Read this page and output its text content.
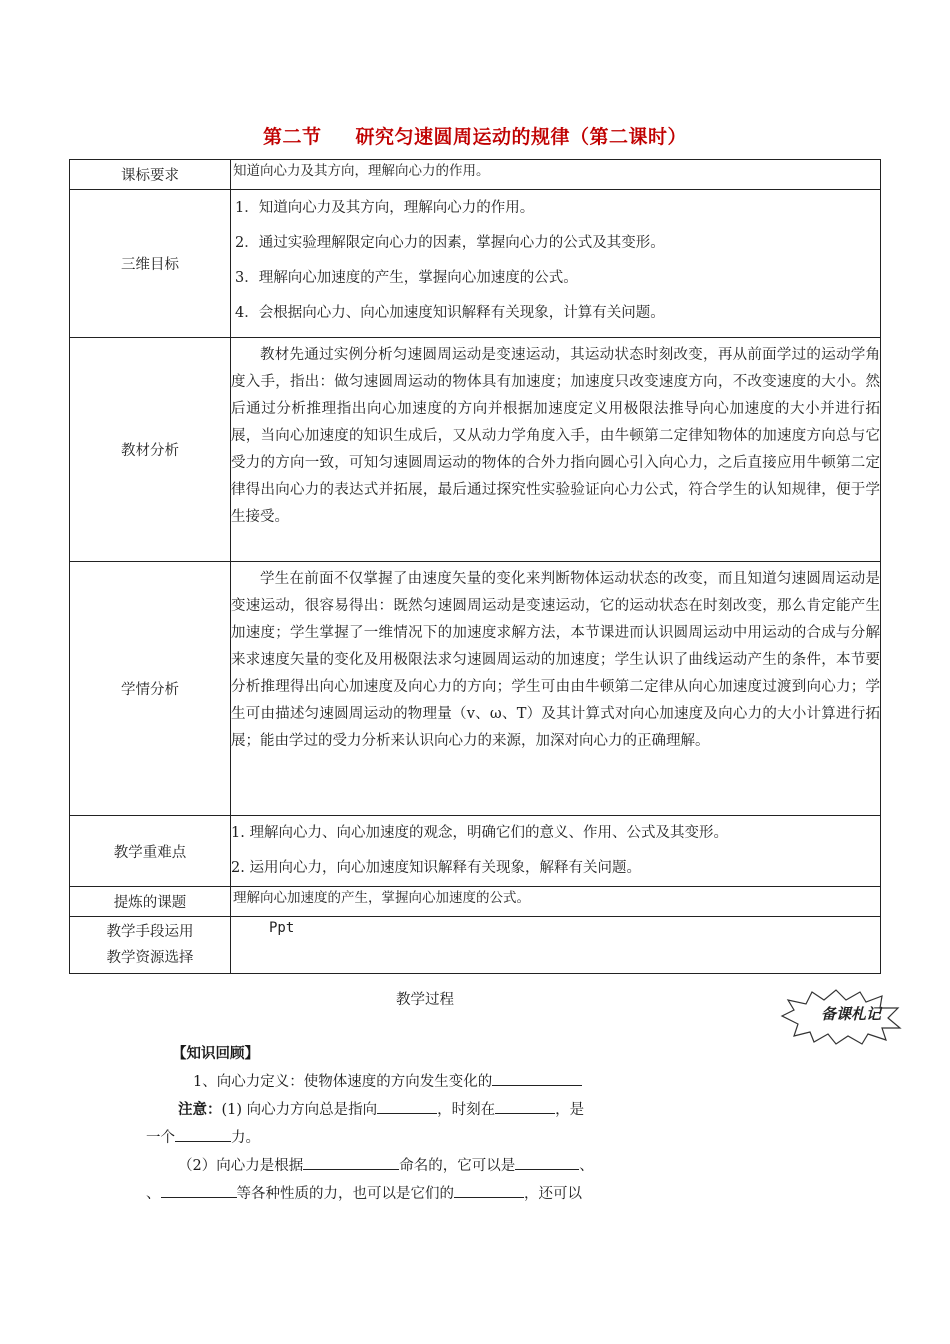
第二节 研究匀速圆周运动的规律（第二课时）
课标要求	知道向心力及其方向，理解向心力的作用。

三维目标	1．知道向心力及其方向，理解向心力的作用。
2．通过实验理解限定向心力的因素，掌握向心力的公式及其变形。
3．理解向心加速度的产生，掌握向心加速度的公式。
4．会根据向心力、向心加速度知识解释有关现象，计算有关问题。

教材分析	教材先通过实例分析匀速圆周运动是变速运动，其运动状态时刻改变，再从前面学过的运动学角度入手，指出：做匀速圆周运动的物体具有加速度；加速度只改变速度方向，不改变速度的大小。然后通过分析推理指出向心加速度的方向并根据加速度定义用极限法推导向心加速度的大小并进行拓展，当向心加速度的知识生成后，又从动力学角度入手，由牛顿第二定律知物体的加速度方向总与它受力的方向一致，可知匀速圆周运动的物体的合外力指向圆心引入向心力，之后直接应用牛顿第二定律得出向心力的表达式并拓展，最后通过探究性实验验证向心力公式，符合学生的认知规律，便于学生接受。

学情分析	学生在前面不仅掌握了由速度矢量的变化来判断物体运动状态的改变，而且知道匀速圆周运动是变速运动，很容易得出：既然匀速圆周运动是变速运动，它的运动状态在时刻改变，那么肯定能产生加速度；学生掌握了一维情况下的加速度求解方法，本节课进而认识圆周运动中用运动的合成与分解来求速度矢量的变化及用极限法求匀速圆周运动的加速度；学生认识了曲线运动产生的条件，本节要分析推理得出向心加速度及向心力的方向；学生可由由牛顿第二定律从向心加速度过渡到向心力；学生可由描述匀速圆周运动的物理量（v、ω、T）及其计算式对向心加速度及向心力的大小计算进行拓展；能由学过的受力分析来认识向心力的来源，加深对向心力的正确理解。

教学重难点	1. 理解向心力、向心加速度的观念，明确它们的意义、作用、公式及其变形。
2. 运用向心力，向心加速度知识解释有关现象，解释有关问题。

提炼的课题	理解向心加速度的产生，掌握向心加速度的公式。

教学手段运用
教学资源选择	Ppt
教学过程
备课札记
【知识回顾】
1、向心力定义：使物体速度的方向发生变化的
注意：(1) 向心力方向总是指向	，时刻在	，是
一个	力。
（2）向心力是根据	命名的，它可以是	、
、	等各种性质的力，也可以是它们的	，还可以
